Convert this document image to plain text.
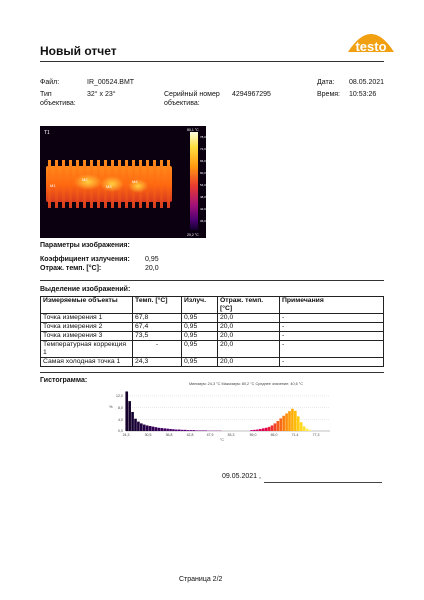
Новый отчет	testo
Файл:	IR_00524.BMT	Дата: 08.05.2021
Тип
объектива:
32° x 23°	Серийный номер
объектива:
4294967295	Время: 10:53:26
T1
M1
M2
M3
M4
80,1 °C
20,2 °C
78,0
72,0
66,0
60,0
54,0
48,0
42,0
36,0
Параметры изображения:
Коэффициент излучения: 0,95
Отраж. темп. [°C]:	20,0
Выделение изображений:
Измеряемые объекты	Темп. [°C]	Излуч.	Отраж. темп. [°C]	Примечания
Точка измерения 1	67,8	0,95	20,0	-
Точка измерения 2	67,4	0,95	20,0	-
Точка измерения 3	73,5	0,95	20,0	-
Температурная коррекция 1	-	0,95	20,0	-
Самая холодная точка 1	24,3	0,95	20,0	-
Гистограмма:	Минимум: 24,3 °C Максимум: 80,2 °C Среднее значение: 40,6 °C
%
12,0
8,0
4,0
0,0
24,3	30,5	36,8	42,8	47,9	53,3	59,0	65,0	71,4	77,3
°C
09.05.2021 ,
Страница 2/2
